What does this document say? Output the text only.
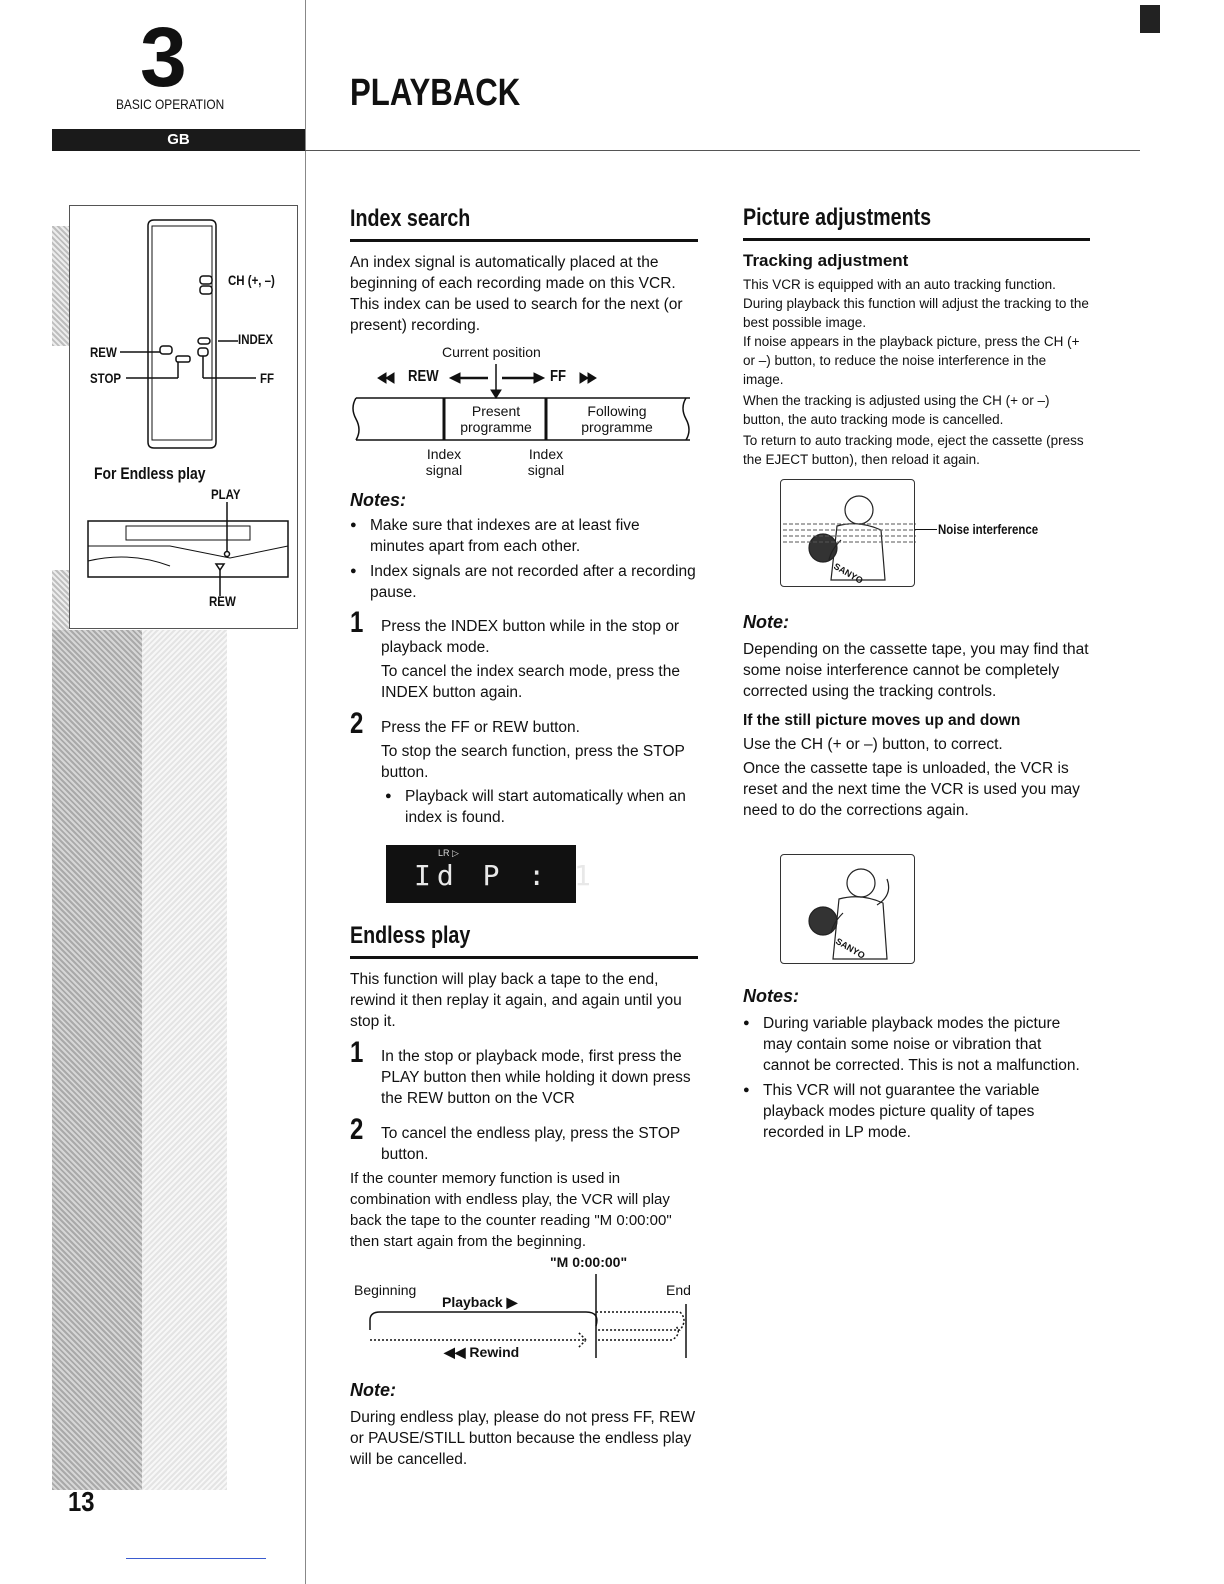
3
BASIC OPERATION	PLAYBACK
GB
CH (+, –)
INDEX
REW
STOP	FF
For Endless play
PLAY
REW
13
Index search
An index signal is automatically placed at the beginning of each recording made on this VCR. This index can be used to search for the next (or present) recording.
Current position
REW	FF
Present programme
Following programme
Index signal
Index signal
Notes:
● Make sure that indexes are at least five minutes apart from each other.
● Index signals are not recorded after a recording pause.
1 Press the INDEX button while in the stop or playback mode.
To cancel the index search mode, press the INDEX button again.
2 Press the FF or REW button.
To stop the search function, press the STOP button.
● Playback will start automatically when an index is found.
LR ▷
Id P : 1
Endless play
This function will play back a tape to the end, rewind it then replay it again, and again until you stop it.
1 In the stop or playback mode, first press the PLAY button then while holding it down press the REW button on the VCR
2 To cancel the endless play, press the STOP button.
If the counter memory function is used in combination with endless play, the VCR will play back the tape to the counter reading "M 0:00:00" then start again from the beginning.
"M 0:00:00"
Beginning	End
Playback ▶
◀◀ Rewind
Note:
During endless play, please do not press FF, REW or PAUSE/STILL button because the endless play will be cancelled.
Picture adjustments
Tracking adjustment
This VCR is equipped with an auto tracking function. During playback this function will adjust the tracking to the best possible image.
If noise appears in the playback picture, press the CH (+ or –) button, to reduce the noise interference in the image.
When the tracking is adjusted using the CH (+ or –) button, the auto tracking mode is cancelled.
To return to auto tracking mode, eject the cassette (press the EJECT button), then reload it again.
SANYO
Noise interference
Note:
Depending on the cassette tape, you may find that some noise interference cannot be completely corrected using the tracking controls.
If the still picture moves up and down
Use the CH (+ or –) button, to correct.
Once the cassette tape is unloaded, the VCR is reset and the next time the VCR is used you may need to do the corrections again.
SANYO
Notes:
● During variable playback modes the picture may contain some noise or vibration that cannot be corrected. This is not a malfunction.
● This VCR will not guarantee the variable playback modes picture quality of tapes recorded in LP mode.
